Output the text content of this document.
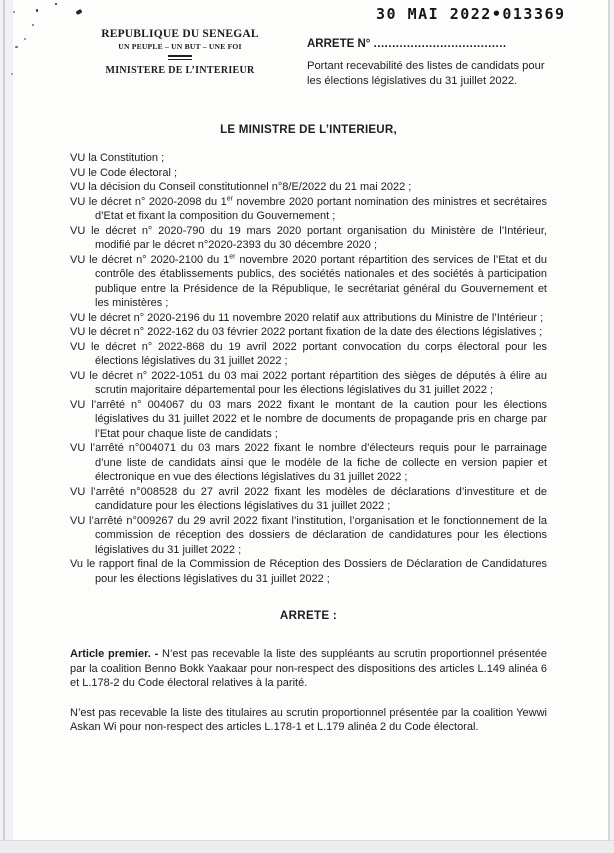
30 MAI 2022•013369
REPUBLIQUE DU SENEGAL
UN PEUPLE – UN BUT – UNE FOI
MINISTERE DE L’INTERIEUR
ARRETE N° ....................................
Portant recevabilité des listes de candidats pour les élections législatives du 31 juillet 2022.
LE MINISTRE DE L’INTERIEUR,
VU la Constitution ;
VU le Code électoral ;
VU la décision du Conseil constitutionnel n°8/E/2022 du 21 mai 2022 ;
VU le décret n° 2020-2098 du 1er novembre 2020 portant nomination des ministres et secrétaires d’Etat et fixant la composition du Gouvernement ;
VU le décret n° 2020-790 du 19 mars 2020 portant organisation du Ministère de l’Intérieur, modifié par le décret n°2020-2393 du 30 décembre 2020 ;
VU le décret n° 2020-2100 du 1er novembre 2020 portant répartition des services de l’Etat et du contrôle des établissements publics, des sociétés nationales et des sociétés à participation publique entre la Présidence de la République, le secrétariat général du Gouvernement et les ministères ;
VU le décret n° 2020-2196 du 11 novembre 2020 relatif aux attributions du Ministre de l’Intérieur ;
VU le décret n° 2022-162 du 03 février 2022 portant fixation de la date des élections législatives ;
VU le décret n° 2022-868 du 19 avril 2022 portant convocation du corps électoral pour les élections législatives du 31 juillet 2022 ;
VU le décret n° 2022-1051 du 03 mai 2022 portant répartition des sièges de députés à élire au scrutin majoritaire départemental pour les élections législatives du 31 juillet 2022 ;
VU l’arrêté n° 004067 du 03 mars 2022 fixant le montant de la caution pour les élections législatives du 31 juillet 2022 et le nombre de documents de propagande pris en charge par l’Etat pour chaque liste de candidats ;
VU l’arrêté n°004071 du 03 mars 2022 fixant le nombre d’électeurs requis pour le parrainage d’une liste de candidats ainsi que le modèle de la fiche de collecte en version papier et électronique en vue des élections législatives du 31 juillet 2022 ;
VU l’arrêté n°008528 du 27 avril 2022 fixant les modèles de déclarations d’investiture et de candidature pour les élections législatives du 31 juillet 2022 ;
VU l’arrêté n°009267 du 29 avril 2022 fixant l’institution, l’organisation et le fonctionnement de la commission de réception des dossiers de déclaration de candidatures pour les élections législatives du 31 juillet 2022 ;
Vu le rapport final de la Commission de Réception des Dossiers de Déclaration de Candidatures pour les élections législatives du 31 juillet 2022 ;
ARRETE :

Article premier. - N’est pas recevable la liste des suppléants au scrutin proportionnel présentée par la coalition Benno Bokk Yaakaar pour non-respect des dispositions des articles L.149 alinéa 6 et L.178-2 du Code électoral relatives à la parité.

N’est pas recevable la liste des titulaires au scrutin proportionnel présentée par la coalition Yewwi Askan Wi pour non-respect des articles L.178-1 et L.179 alinéa 2 du Code électoral.
